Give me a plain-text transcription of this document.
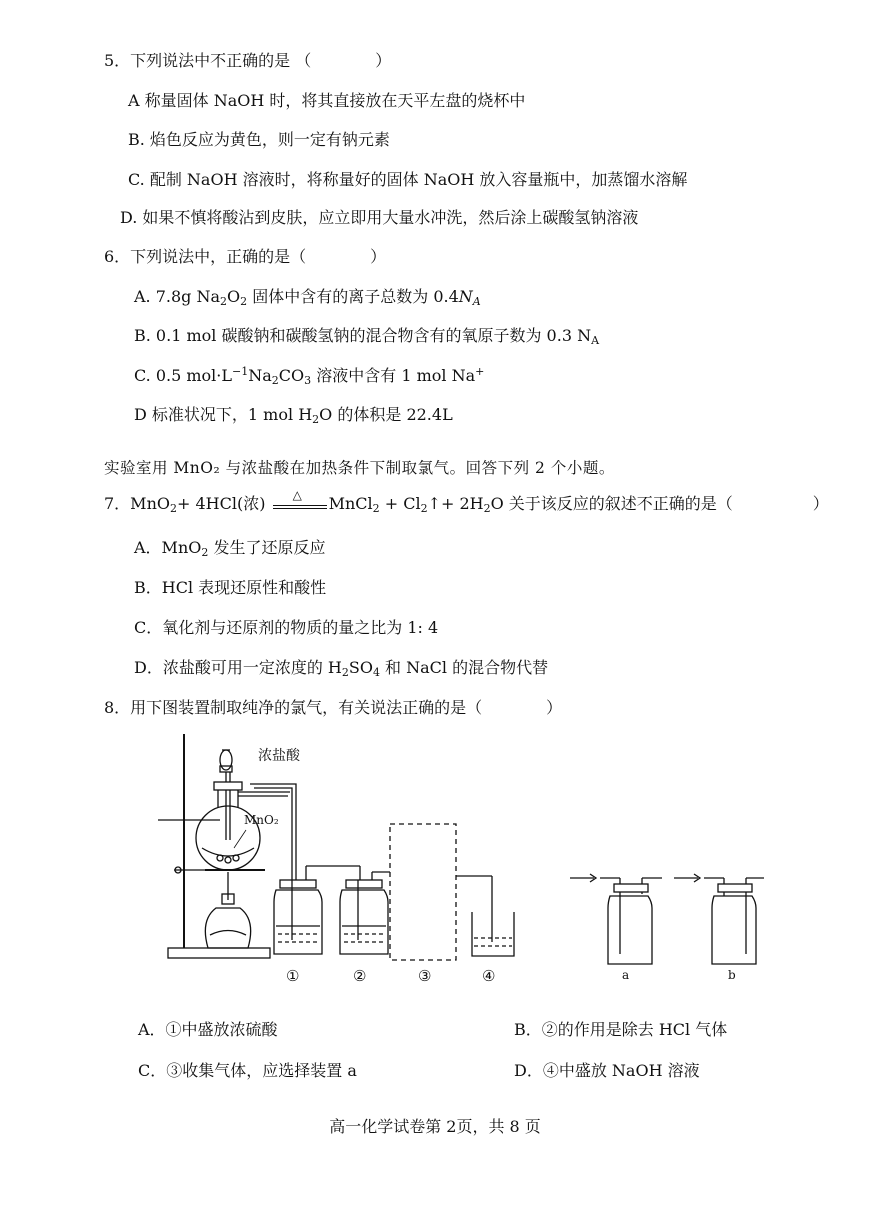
5．下列说法中不正确的是 （　　　　）
A 称量固体 NaOH 时，将其直接放在天平左盘的烧杯中
B. 焰色反应为黄色，则一定有钠元素
C. 配制 NaOH 溶液时，将称量好的固体 NaOH 放入容量瓶中，加蒸馏水溶解
D. 如果不慎将酸沾到皮肤，应立即用大量水冲洗，然后涂上碳酸氢钠溶液
6．下列说法中，正确的是（　　　　）
A. 7.8g $Na_2O_2$ 固体中含有的离子总数为 $0.4N_A$
B. 0.1 mol 碳酸钠和碳酸氢钠的混合物含有的氧原子数为 0.3 $N_A$
C. 0.5 $mol\cdot L^{-1}Na_2CO_3$ 溶液中含有 1 mol Na+
D 标准状况下，1 mol $H_2O$ 的体积是 22.4L
实验室用 MnO₂ 与浓盐酸在加热条件下制取氯气。回答下列 2 个小题。
7．MnO$_2$+ 4HCl(浓) △ MnCl$_2$ + $Cl_2↑+ 2H_2O$ 关于该反应的叙述不正确的是（　　　　　）
A．MnO$_2$ 发生了还原反应
B．HCl 表现还原性和酸性
C．氧化剂与还原剂的物质的量之比为 1: 4
D．浓盐酸可用一定浓度的 $H_2SO_4$ 和 NaCl 的混合物代替
8．用下图装置制取纯净的氯气，有关说法正确的是（　　　　）
浓盐酸
MnO₂
①	②	③	④	a	b
A．①中盛放浓硫酸	B．②的作用是除去 HCl 气体
C．③收集气体，应选择装置 a	D．④中盛放 NaOH 溶液
高一化学试卷第 2页，共 8 页
